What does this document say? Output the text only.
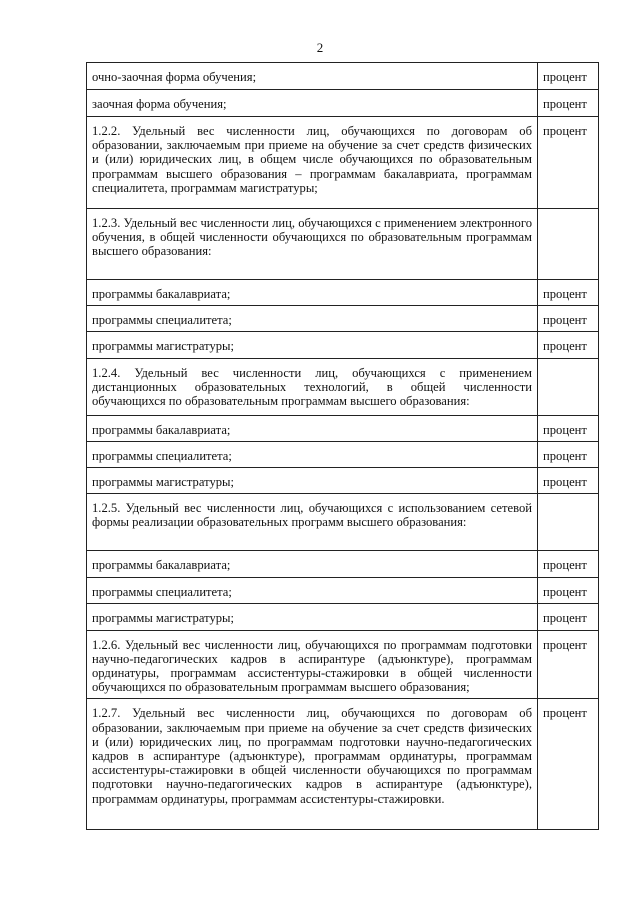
2
очно-заочная форма обучения;	процент
заочная форма обучения;	процент
1.2.2. Удельный вес численности лиц, обучающихся по договорам об образовании, заключаемым при приеме на обучение за счет средств физических и (или) юридических лиц, в общем числе обучающихся по образовательным программам высшего образования – программам бакалавриата, программам специалитета, программам магистратуры;	процент
1.2.3. Удельный вес численности лиц, обучающихся с применением электронного обучения, в общей численности обучающихся по образовательным программам высшего образования:	
программы бакалавриата;	процент
программы специалитета;	процент
программы магистратуры;	процент
1.2.4. Удельный вес численности лиц, обучающихся с применением дистанционных образовательных технологий, в общей численности обучающихся по образовательным программам высшего образования:	
программы бакалавриата;	процент
программы специалитета;	процент
программы магистратуры;	процент
1.2.5. Удельный вес численности лиц, обучающихся с использованием сетевой формы реализации образовательных программ высшего образования:	
программы бакалавриата;	процент
программы специалитета;	процент
программы магистратуры;	процент
1.2.6. Удельный вес численности лиц, обучающихся по программам подготовки научно-педагогических кадров в аспирантуре (адъюнктуре), программам ординатуры, программам ассистентуры-стажировки в общей численности обучающихся по образовательным программам высшего образования;	процент
1.2.7. Удельный вес численности лиц, обучающихся по договорам об образовании, заключаемым при приеме на обучение за счет средств физических и (или) юридических лиц, по программам подготовки научно-педагогических кадров в аспирантуре (адъюнктуре), программам ординатуры, программам ассистентуры-стажировки в общей численности обучающихся по программам подготовки научно-педагогических кадров в аспирантуре (адъюнктуре), программам ординатуры, программам ассистентуры-стажировки.	процент
